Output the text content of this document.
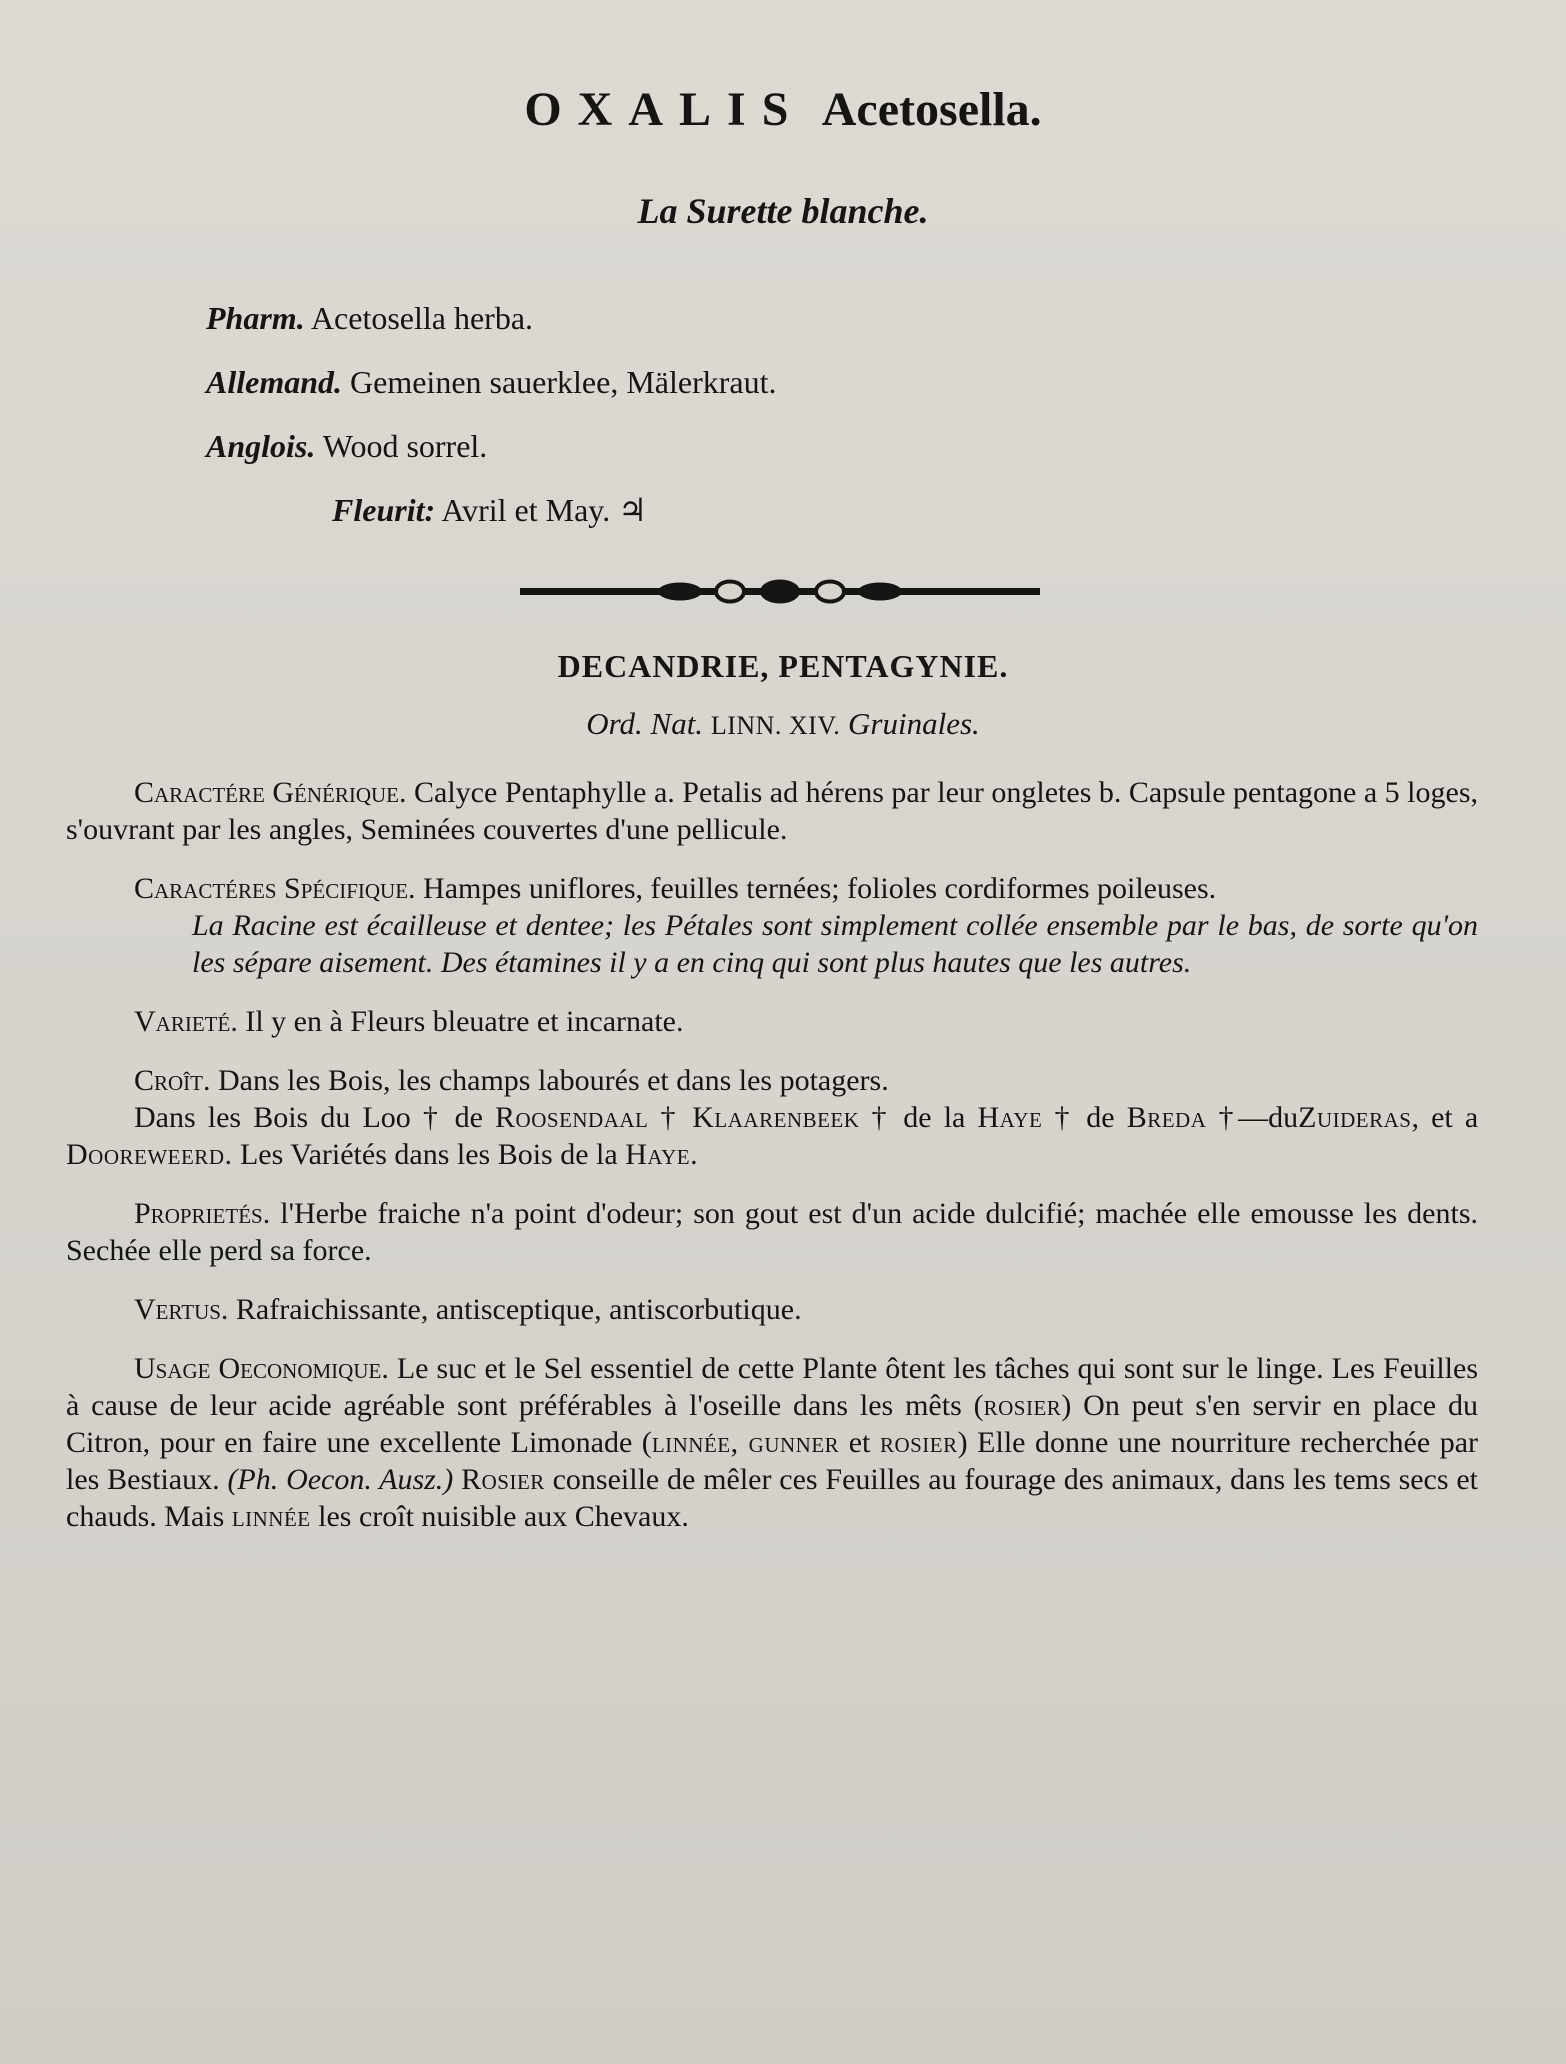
OXALIS Acetosella.
La Surette blanche.
Pharm. Acetosella herba.
Allemand. Gemeinen sauerklee, Mälerkraut.
Anglois. Wood sorrel.
Fleurit: Avril et May. ♃
DECANDRIE, PENTAGYNIE.
Ord. Nat. LINN. XIV. Gruinales.

Caractére Générique. Calyce Pentaphylle a. Petalis ad hérens par leur ongletes b. Capsule pentagone a 5 loges, s'ouvrant par les angles, Seminées couvertes d'une pellicule.

Caractéres Spécifique. Hampes uniflores, feuilles ternées; folioles cordiformes poileuses.

La Racine est écailleuse et dentee; les Pétales sont simplement collée ensemble par le bas, de sorte qu'on les sépare aisement. Des étamines il y a en cinq qui sont plus hautes que les autres.

Varieté. Il y en à Fleurs bleuatre et incarnate.

Croît. Dans les Bois, les champs labourés et dans les potagers.

Dans les Bois du Loo † de Roosendaal † Klaarenbeek † de la Haye † de Breda †—duZuideras, et a Dooreweerd. Les Variétés dans les Bois de la Haye.

Proprietés. l'Herbe fraiche n'a point d'odeur; son gout est d'un acide dulcifié; machée elle emousse les dents. Sechée elle perd sa force.

Vertus. Rafraichissante, antisceptique, antiscorbutique.

Usage Oeconomique. Le suc et le Sel essentiel de cette Plante ôtent les tâches qui sont sur le linge. Les Feuilles à cause de leur acide agréable sont préférables à l'oseille dans les mêts (rosier) On peut s'en servir en place du Citron, pour en faire une excellente Limonade (linnée, gunner et rosier) Elle donne une nourriture recherchée par les Bestiaux. (Ph. Oecon. Ausz.) Rosier conseille de mêler ces Feuilles au fourage des animaux, dans les tems secs et chauds. Mais linnée les croît nuisible aux Chevaux.
